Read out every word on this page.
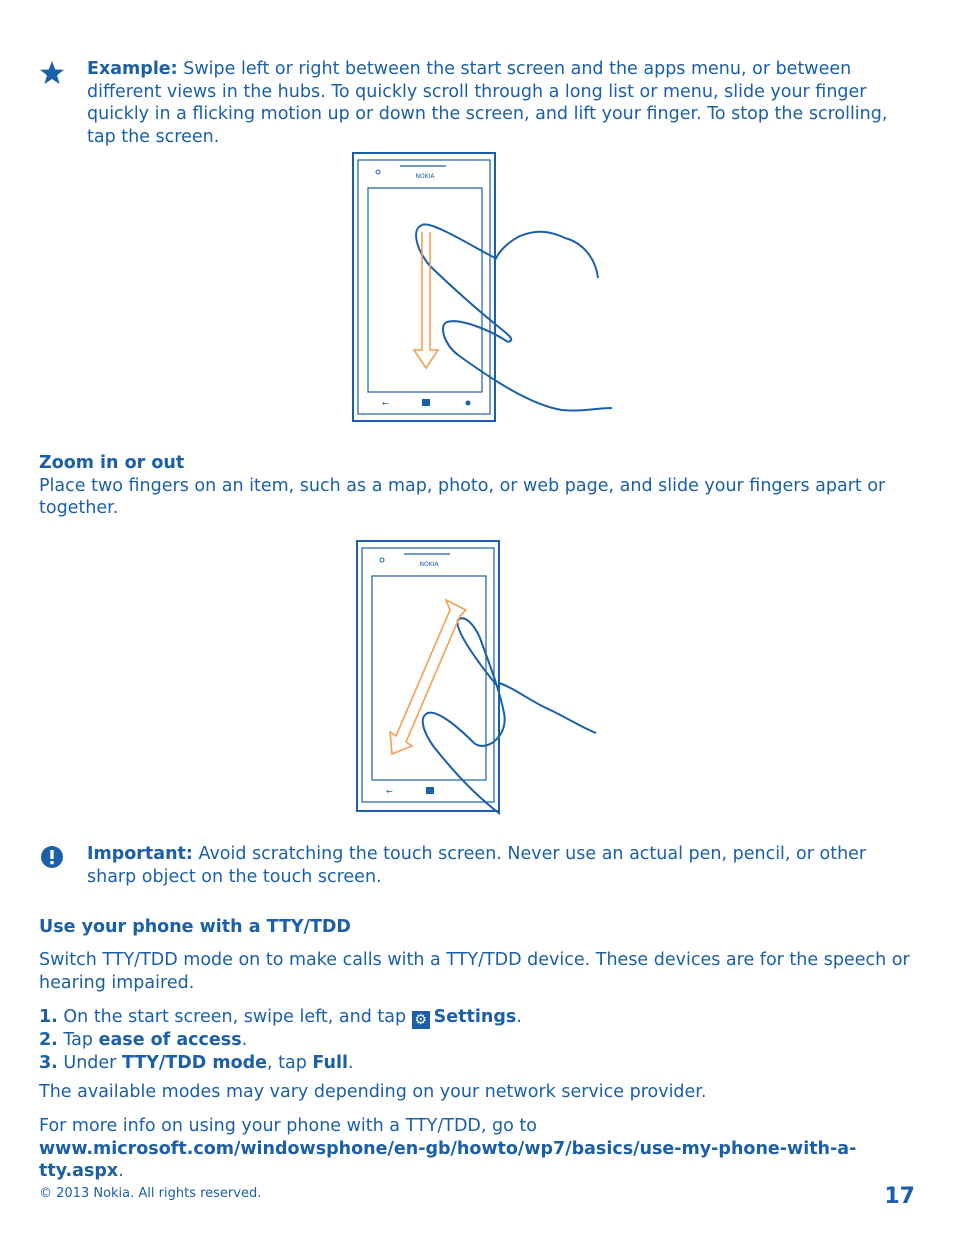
Example: Swipe left or right between the start screen and the apps menu, or between different views in the hubs. To quickly scroll through a long list or menu, slide your finger quickly in a flicking motion up or down the screen, and lift your finger. To stop the scrolling, tap the screen.
NOKIA
←
Zoom in or out
Place two fingers on an item, such as a map, photo, or web page, and slide your fingers apart or together.
NOKIA
←
Important: Avoid scratching the touch screen. Never use an actual pen, pencil, or other sharp object on the touch screen.
Use your phone with a TTY/TDD
Switch TTY/TDD mode on to make calls with a TTY/TDD device. These devices are for the speech or hearing impaired.
1. On the start screen, swipe left, and tap ⚙ Settings.
2. Tap ease of access.
3. Under TTY/TDD mode, tap Full.
The available modes may vary depending on your network service provider.
For more info on using your phone with a TTY/TDD, go to www.microsoft.com/windowsphone/en-gb/howto/wp7/basics/use-my-phone-with-a-tty.aspx.
© 2013 Nokia. All rights reserved.	17
